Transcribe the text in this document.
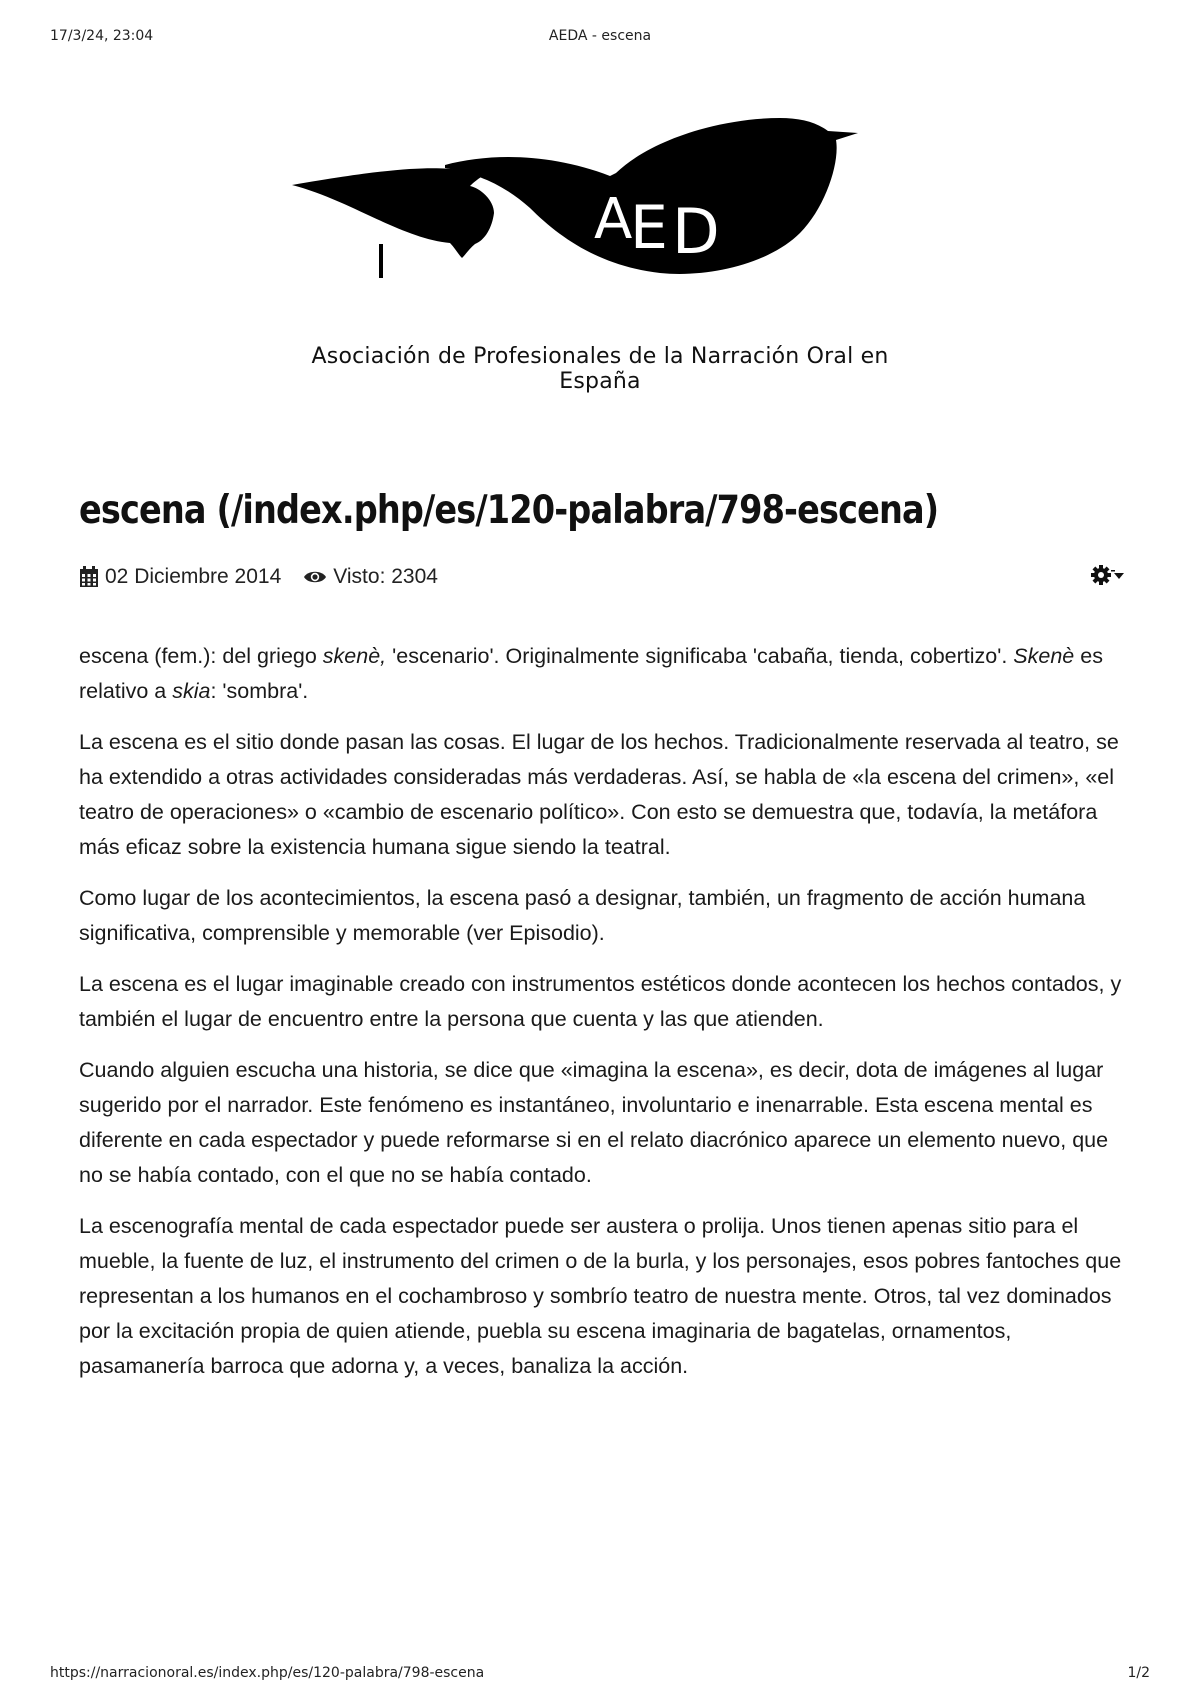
17/3/24, 23:04	AEDA - escena
A
E D
A
Asociación de Profesionales de la Narración Oral en España
escena (/index.php/es/120-palabra/798-escena)
02 Diciembre 2014 Visto: 2304

escena (fem.): del griego skenè, 'escenario'. Originalmente significaba 'cabaña, tienda, cobertizo'. Skenè es relativo a skia: 'sombra'.

La escena es el sitio donde pasan las cosas. El lugar de los hechos. Tradicionalmente reservada al teatro, se ha extendido a otras actividades consideradas más verdaderas. Así, se habla de «la escena del crimen», «el teatro de operaciones» o «cambio de escenario político». Con esto se demuestra que, todavía, la metáfora más eficaz sobre la existencia humana sigue siendo la teatral.

Como lugar de los acontecimientos, la escena pasó a designar, también, un fragmento de acción humana significativa, comprensible y memorable (ver Episodio).

La escena es el lugar imaginable creado con instrumentos estéticos donde acontecen los hechos contados, y también el lugar de encuentro entre la persona que cuenta y las que atienden.

Cuando alguien escucha una historia, se dice que «imagina la escena», es decir, dota de imágenes al lugar sugerido por el narrador. Este fenómeno es instantáneo, involuntario e inenarrable. Esta escena mental es diferente en cada espectador y puede reformarse si en el relato diacrónico aparece un elemento nuevo, que no se había contado, con el que no se había contado.

La escenografía mental de cada espectador puede ser austera o prolija. Unos tienen apenas sitio para el mueble, la fuente de luz, el instrumento del crimen o de la burla, y los personajes, esos pobres fantoches que representan a los humanos en el cochambroso y sombrío teatro de nuestra mente. Otros, tal vez dominados por la excitación propia de quien atiende, puebla su escena imaginaria de bagatelas, ornamentos, pasamanería barroca que adorna y, a veces, banaliza la acción.

https://narracionoral.es/index.php/es/120-palabra/798-escena	1/2
